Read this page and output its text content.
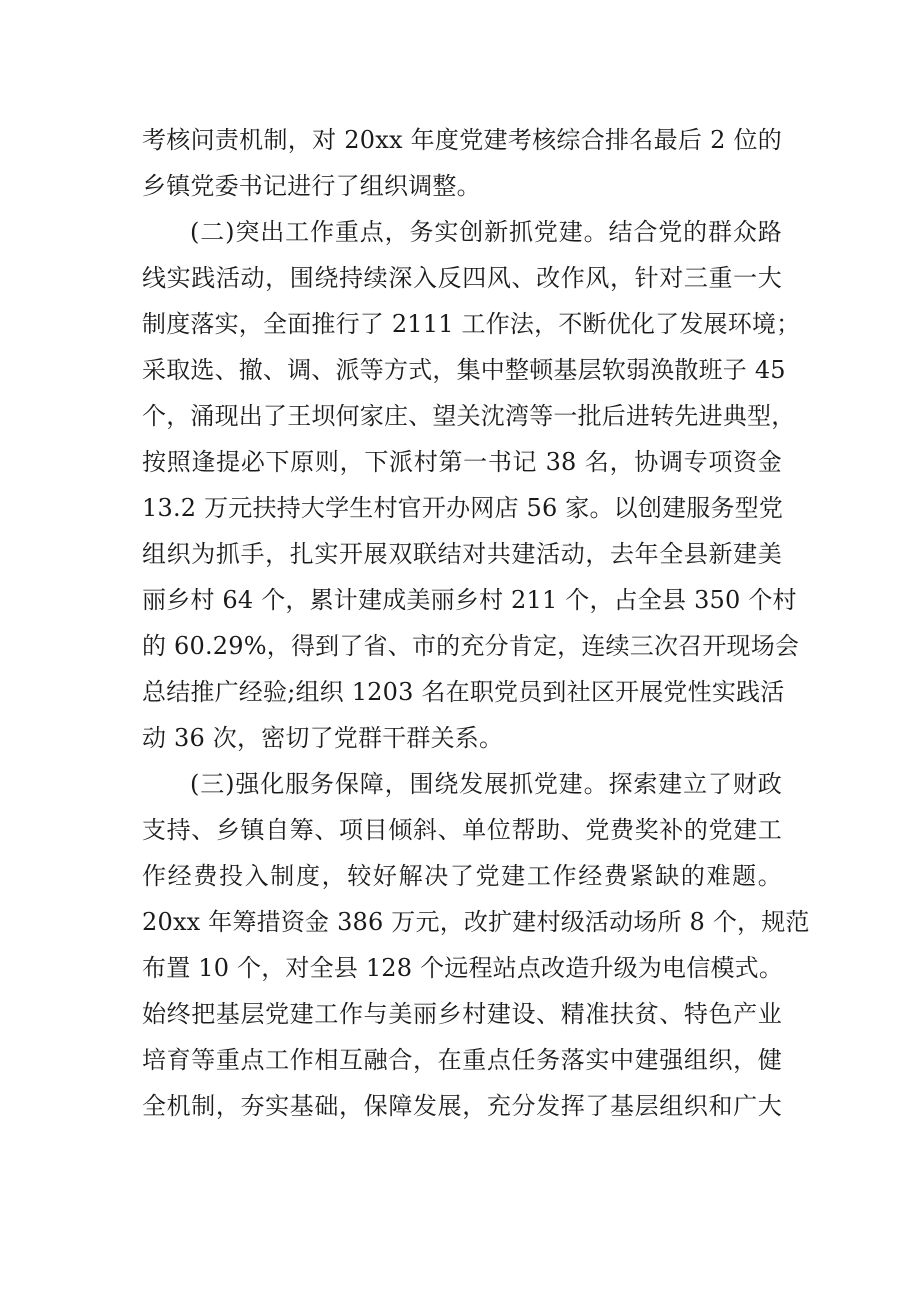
考核问责机制，对 20xx 年度党建考核综合排名最后 2 位的
乡镇党委书记进行了组织调整。
(二)突出工作重点，务实创新抓党建。结合党的群众路
线实践活动，围绕持续深入反四风、改作风，针对三重一大
制度落实，全面推行了 2111 工作法，不断优化了发展环境；
采取选、撤、调、派等方式，集中整顿基层软弱涣散班子 45
个，涌现出了王坝何家庄、望关沈湾等一批后进转先进典型，
按照逢提必下原则，下派村第一书记 38 名，协调专项资金
13.2 万元扶持大学生村官开办网店 56 家。以创建服务型党
组织为抓手，扎实开展双联结对共建活动，去年全县新建美
丽乡村 64 个，累计建成美丽乡村 211 个，占全县 350 个村
的 60.29%，得到了省、市的充分肯定，连续三次召开现场会
总结推广经验;组织 1203 名在职党员到社区开展党性实践活
动 36 次，密切了党群干群关系。
(三)强化服务保障，围绕发展抓党建。探索建立了财政
支持、乡镇自筹、项目倾斜、单位帮助、党费奖补的党建工
作经费投入制度，较好解决了党建工作经费紧缺的难题。
20xx 年筹措资金 386 万元，改扩建村级活动场所 8 个，规范
布置 10 个，对全县 128 个远程站点改造升级为电信模式。
始终把基层党建工作与美丽乡村建设、精准扶贫、特色产业
培育等重点工作相互融合，在重点任务落实中建强组织，健
全机制，夯实基础，保障发展，充分发挥了基层组织和广大
